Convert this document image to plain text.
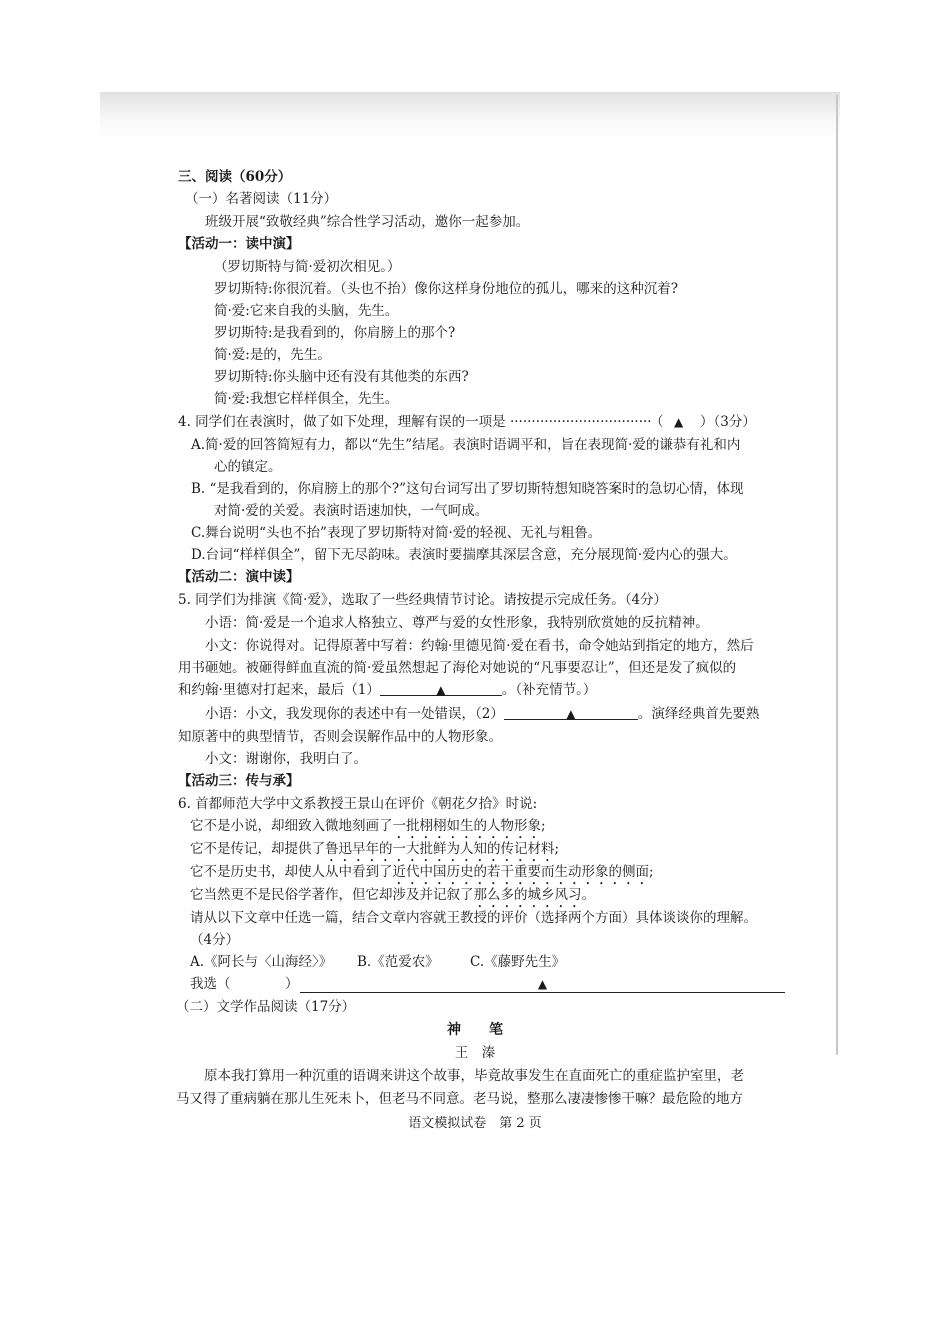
三、阅读（60分）
（一）名著阅读（11分）
班级开展“致敬经典”综合性学习活动，邀你一起参加。
【活动一：读中演】
（罗切斯特与简·爱初次相见。）
罗切斯特:你很沉着。（头也不抬）像你这样身份地位的孤儿，哪来的这种沉着?
简·爱:它来自我的头脑，先生。
罗切斯特:是我看到的，你肩膀上的那个?
简·爱:是的，先生。
罗切斯特:你头脑中还有没有其他类的东西?
简·爱:我想它样样俱全，先生。
4. 同学们在表演时，做了如下处理，理解有误的一项是 ·································
（ ▲ ）（3分）
A.简·爱的回答简短有力，都以“先生”结尾。表演时语调平和，旨在表现简·爱的谦恭有礼和内
心的镇定。
B. “是我看到的，你肩膀上的那个?”这句台词写出了罗切斯特想知晓答案时的急切心情，体现
对简·爱的关爱。表演时语速加快，一气呵成。
C.舞台说明“头也不抬”表现了罗切斯特对简·爱的轻视、无礼与粗鲁。
D.台词“样样俱全”，留下无尽韵味。表演时要揣摩其深层含意，充分展现简·爱内心的强大。
【活动二：演中读】
5. 同学们为排演《简·爱》，选取了一些经典情节讨论。请按提示完成任务。（4分）
小语：简·爱是一个追求人格独立、尊严与爱的女性形象，我特别欣赏她的反抗精神。
小文：你说得对。记得原著中写着：约翰·里德见简·爱在看书，命令她站到指定的地方，然后
用书砸她。被砸得鲜血直流的简·爱虽然想起了海伦对她说的“凡事要忍让”，但还是发了疯似的
和约翰·里德对打起来，最后（1）	▲	。（补充情节。）
小语：小文，我发现你的表述中有一处错误，（2）	▲	。演绎经典首先要熟
知原著中的典型情节，否则会误解作品中的人物形象。
小文：谢谢你，我明白了。
【活动三：传与承】
6. 首都师范大学中文系教授王景山在评价《朝花夕拾》时说:
它不是小说，却细致入微地刻画了一批栩栩如生的人物形象;
它不是传记，却提供了鲁迅早年的一大批鲜为人知的传记材料;
它不是历史书，却使人从中看到了近代中国历史的若干重要而生动形象的侧面;
它当然更不是民俗学著作，但它却涉及并记叙了那么多的城乡风习。
请从以下文章中任选一篇，结合文章内容就王教授的评价（选择两个方面）具体谈谈你的理解。
（4分）
A.《阿长与〈山海经〉》 B.《范爱农》 C.《藤野先生》
我选（	）	▲
（二）文学作品阅读（17分）
神　　笔
王　溱
原本我打算用一种沉重的语调来讲这个故事，毕竟故事发生在直面死亡的重症监护室里，老
马又得了重病躺在那儿生死未卜，但老马不同意。老马说，整那么凄凄惨惨干嘛？最危险的地方
语文模拟试卷　第 2 页
